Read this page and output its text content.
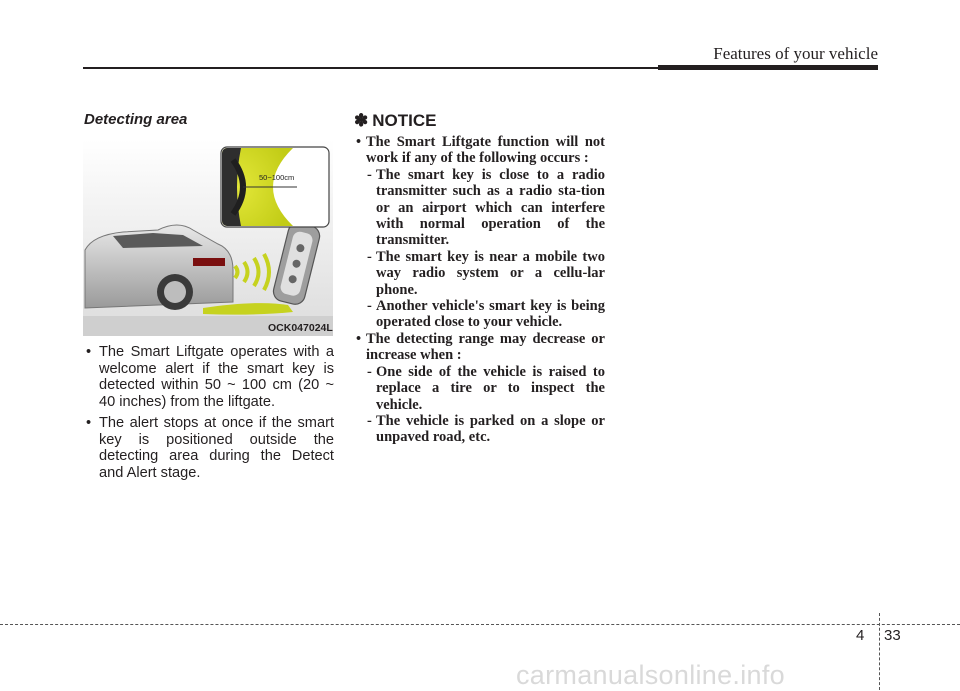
Features of your vehicle
Detecting area
50~100cm
OCK047024L
• The Smart Liftgate operates with a welcome alert if the smart key is detected within 50 ~ 100 cm (20 ~ 40 inches) from the liftgate.
• The alert stops at once if the smart key is positioned outside the detecting area during the Detect and Alert stage.
✽ NOTICE
• The Smart Liftgate function will not work if any of the following occurs :
- The smart key is close to a radio transmitter such as a radio sta-tion or an airport which can interfere with normal operation of the transmitter.
- The smart key is near a mobile two way radio system or a cellu-lar phone.
- Another vehicle's smart key is being operated close to your vehicle.
• The detecting range may decrease or increase when :
- One side of the vehicle is raised to replace a tire or to inspect the vehicle.
- The vehicle is parked on a slope or unpaved road, etc.
4 33
carmanualsonline.info
